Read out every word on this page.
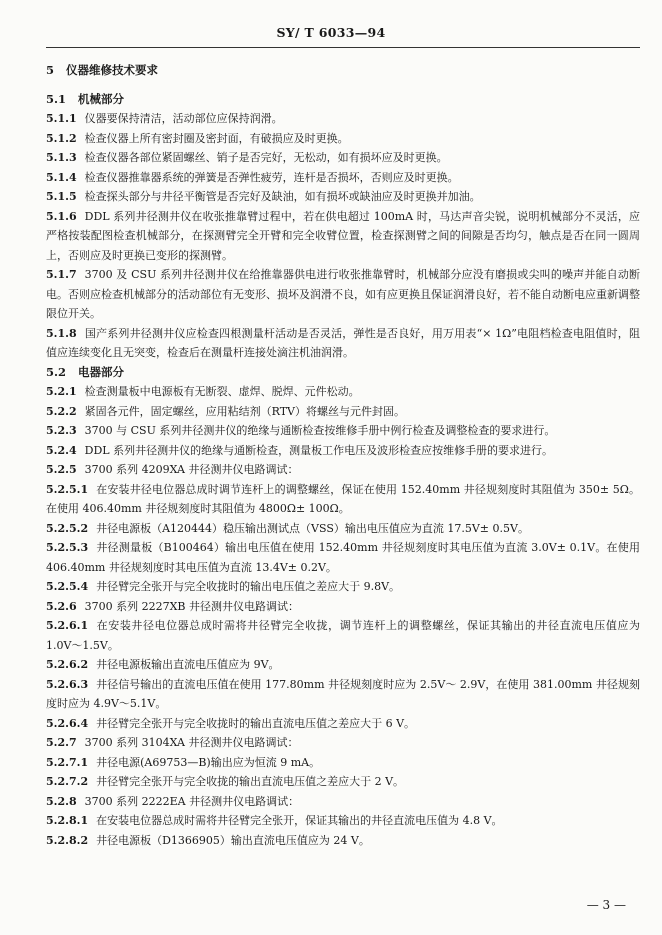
SY/ T 6033—94

5 仪器维修技术要求

5.1 机械部分

5.1.1 仪器要保持清洁，活动部位应保持润滑。

5.1.2 检查仪器上所有密封圈及密封面，有破损应及时更换。

5.1.3 检查仪器各部位紧固螺丝、销子是否完好，无松动，如有损坏应及时更换。

5.1.4 检查仪器推靠器系统的弹簧是否弹性疲劳，连杆是否损坏，否则应及时更换。

5.1.5 检查探头部分与井径平衡管是否完好及缺油，如有损坏或缺油应及时更换并加油。

5.1.6 DDL 系列井径测井仪在收张推靠臂过程中，若在供电超过 100mA 时，马达声音尖锐，说明机械部分不灵活，应严格按装配图检查机械部分，在探测臂完全开臂和完全收臂位置，检查探测臂之间的间隙是否均匀，触点是否在同一圆周上，否则应及时更换已变形的探测臂。

5.1.7 3700 及 CSU 系列井径测井仪在给推靠器供电进行收张推靠臂时，机械部分应没有磨损或尖叫的噪声并能自动断电。否则应检查机械部分的活动部位有无变形、损坏及润滑不良，如有应更换且保证润滑良好，若不能自动断电应重新调整限位开关。

5.1.8 国产系列井径测井仪应检查四根测量杆活动是否灵活，弹性是否良好，用万用表“× 1Ω”电阻档检查电阻值时，阻值应连续变化且无突变，检查后在测量杆连接处滴注机油润滑。

5.2 电器部分

5.2.1 检查测量板中电源板有无断裂、虚焊、脱焊、元件松动。

5.2.2 紧固各元件，固定螺丝，应用粘结剂（RTV）将螺丝与元件封固。

5.2.3 3700 与 CSU 系列井径测井仪的绝缘与通断检查按维修手册中例行检查及调整检查的要求进行。

5.2.4 DDL 系列井径测井仪的绝缘与通断检查，测量板工作电压及波形检查应按维修手册的要求进行。

5.2.5 3700 系列 4209XA 井径测井仪电路调试：

5.2.5.1 在安装井径电位器总成时调节连杆上的调整螺丝，保证在使用 152.40mm 井径规刻度时其阻值为 350± 5Ω。在使用 406.40mm 井径规刻度时其阻值为 4800Ω± 100Ω。

5.2.5.2 井径电源板（A120444）稳压输出测试点（VSS）输出电压值应为直流 17.5V± 0.5V。

5.2.5.3 井径测量板（B100464）输出电压值在使用 152.40mm 井径规刻度时其电压值为直流 3.0V± 0.1V。在使用 406.40mm 井径规刻度时其电压值为直流 13.4V± 0.2V。

5.2.5.4 井径臂完全张开与完全收拢时的输出电压值之差应大于 9.8V。

5.2.6 3700 系列 2227XB 井径测井仪电路调试：

5.2.6.1 在安装井径电位器总成时需将井径臂完全收拢，调节连杆上的调整螺丝，保证其输出的井径直流电压值应为 1.0V～1.5V。

5.2.6.2 井径电源板输出直流电压值应为 9V。

5.2.6.3 井径信号输出的直流电压值在使用 177.80mm 井径规刻度时应为 2.5V～ 2.9V，在使用 381.00mm 井径规刻度时应为 4.9V～5.1V。

5.2.6.4 井径臂完全张开与完全收拢时的输出直流电压值之差应大于 6 V。

5.2.7 3700 系列 3104XA 井径测井仪电路调试：

5.2.7.1 井径电源(A69753—B)输出应为恒流 9 mA。

5.2.7.2 井径臂完全张开与完全收拢的输出直流电压值之差应大于 2 V。

5.2.8 3700 系列 2222EA 井径测井仪电路调试：

5.2.8.1 在安装电位器总成时需将井径臂完全张开，保证其输出的井径直流电压值为 4.8 V。

5.2.8.2 井径电源板（D1366905）输出直流电压值应为 24 V。

— 3 —
